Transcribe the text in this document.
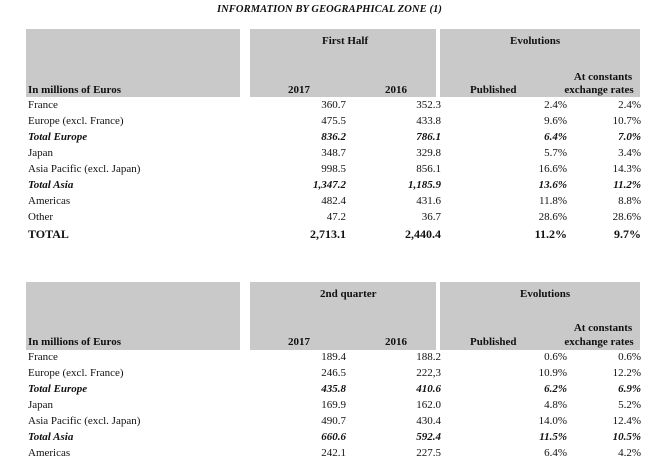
INFORMATION BY GEOGRAPHICAL ZONE (1)
First Half	Evolutions
In millions of Euros	2017	2016	Published
At constants
exchange rates
France	360.7	352.3	2.4%	2.4%
Europe (excl. France)	475.5	433.8	9.6%	10.7%
Total Europe	836.2	786.1	6.4%	7.0%
Japan	348.7	329.8	5.7%	3.4%
Asia Pacific (excl. Japan)	998.5	856.1	16.6%	14.3%
Total Asia	1,347.2	1,185.9	13.6%	11.2%
Americas	482.4	431.6	11.8%	8.8%
Other	47.2	36.7	28.6%	28.6%
TOTAL	2,713.1	2,440.4	11.2%	9.7%
2nd quarter	Evolutions
In millions of Euros	2017	2016	Published
At constants
exchange rates
France	189.4	188.2	0.6%	0.6%
Europe (excl. France)	246.5	222,3	10.9%	12.2%
Total Europe	435.8	410.6	6.2%	6.9%
Japan	169.9	162.0	4.8%	5.2%
Asia Pacific (excl. Japan)	490.7	430.4	14.0%	12.4%
Total Asia	660.6	592.4	11.5%	10.5%
Americas	242.1	227.5	6.4%	4.2%
